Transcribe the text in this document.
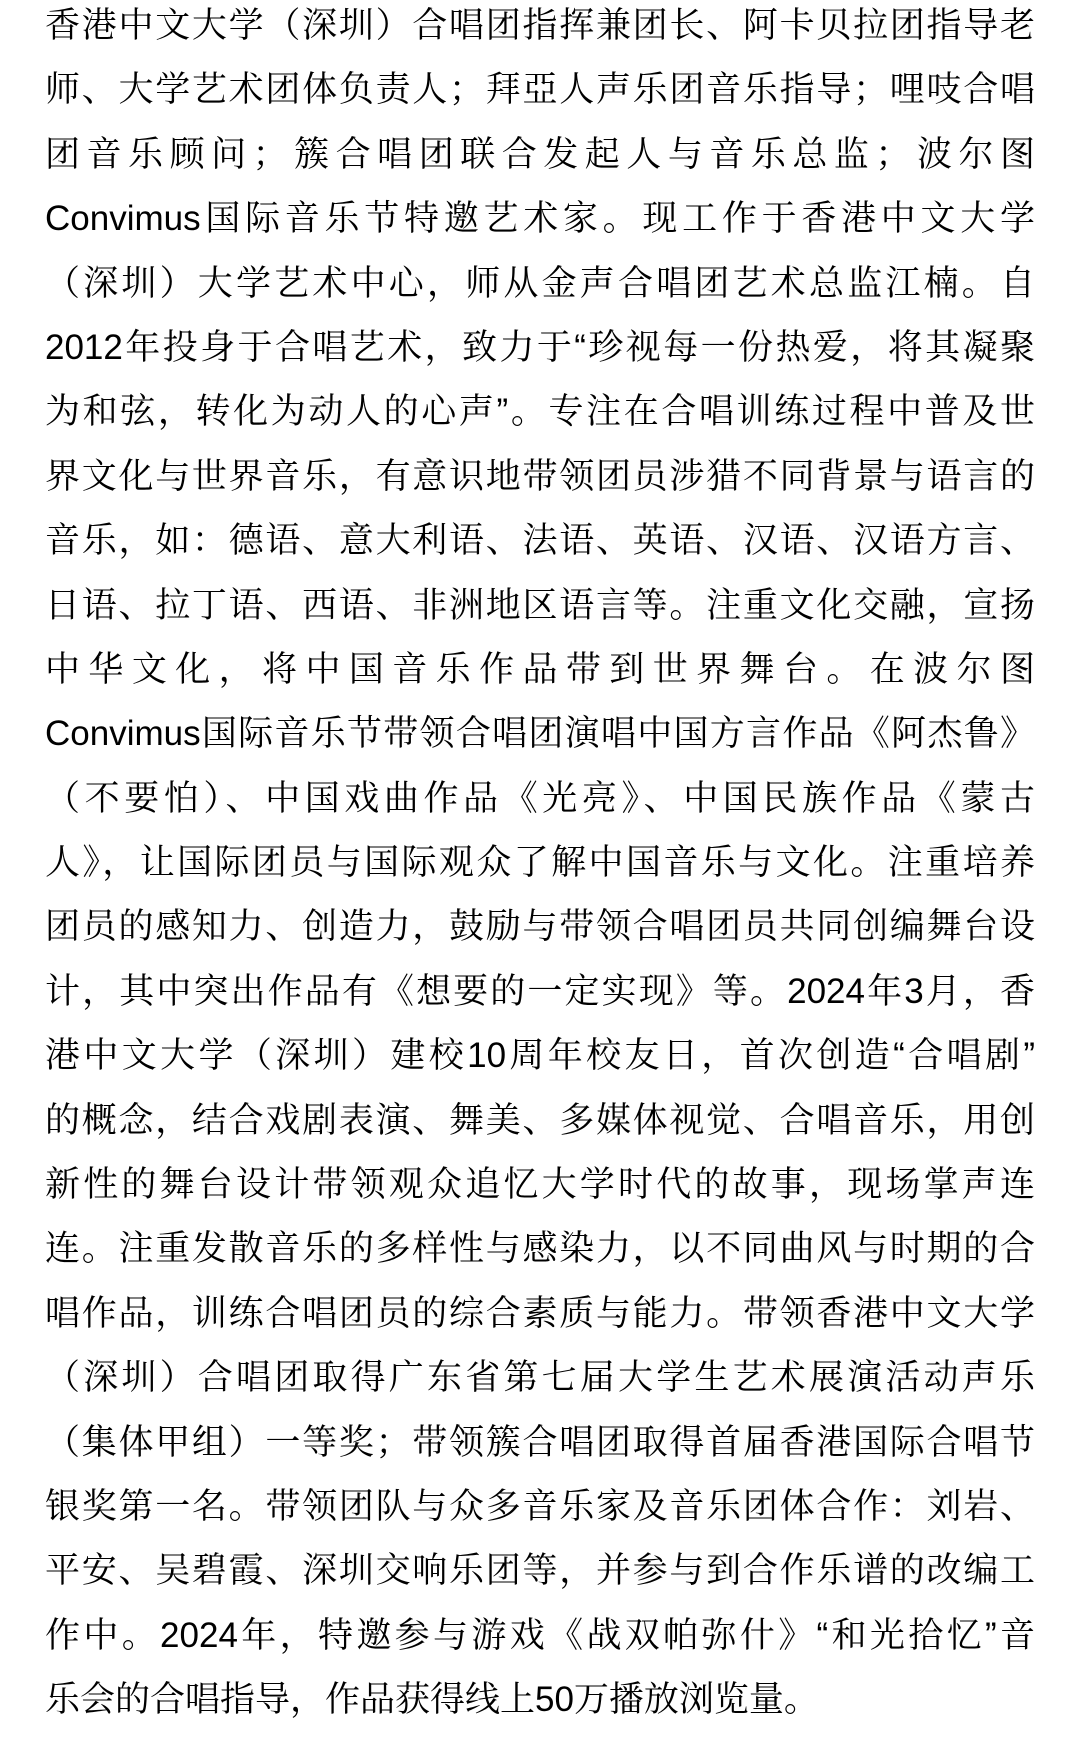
香港中文大学（深圳）合唱团指挥兼团长、阿卡贝拉团指导老
师、大学艺术团体负责人；拜亞人声乐团音乐指导；哩吱合唱
团音乐顾问；簇合唱团联合发起人与音乐总监；波尔图
Convimus国际音乐节特邀艺术家。现工作于香港中文大学
（深圳）大学艺术中心，师从金声合唱团艺术总监江楠。自
2012年投身于合唱艺术，致力于“珍视每一份热爱，将其凝聚
为和弦，转化为动人的心声”。专注在合唱训练过程中普及世
界文化与世界音乐，有意识地带领团员涉猎不同背景与语言的
音乐，如：德语、意大利语、法语、英语、汉语、汉语方言、
日语、拉丁语、西语、非洲地区语言等。注重文化交融，宣扬
中华文化，将中国音乐作品带到世界舞台。在波尔图
Convimus国际音乐节带领合唱团演唱中国方言作品《阿杰鲁》
（不要怕）、中国戏曲作品《光亮》、中国民族作品《蒙古
人》，让国际团员与国际观众了解中国音乐与文化。注重培养
团员的感知力、创造力，鼓励与带领合唱团员共同创编舞台设
计，其中突出作品有《想要的一定实现》等。2024年3月，香
港中文大学（深圳）建校10周年校友日，首次创造“合唱剧”
的概念，结合戏剧表演、舞美、多媒体视觉、合唱音乐，用创
新性的舞台设计带领观众追忆大学时代的故事，现场掌声连
连。注重发散音乐的多样性与感染力，以不同曲风与时期的合
唱作品，训练合唱团员的综合素质与能力。带领香港中文大学
（深圳）合唱团取得广东省第七届大学生艺术展演活动声乐
（集体甲组）一等奖；带领簇合唱团取得首届香港国际合唱节
银奖第一名。带领团队与众多音乐家及音乐团体合作：刘岩、
平安、吴碧霞、深圳交响乐团等，并参与到合作乐谱的改编工
作中。2024年，特邀参与游戏《战双帕弥什》“和光拾忆”音
乐会的合唱指导，作品获得线上50万播放浏览量。
